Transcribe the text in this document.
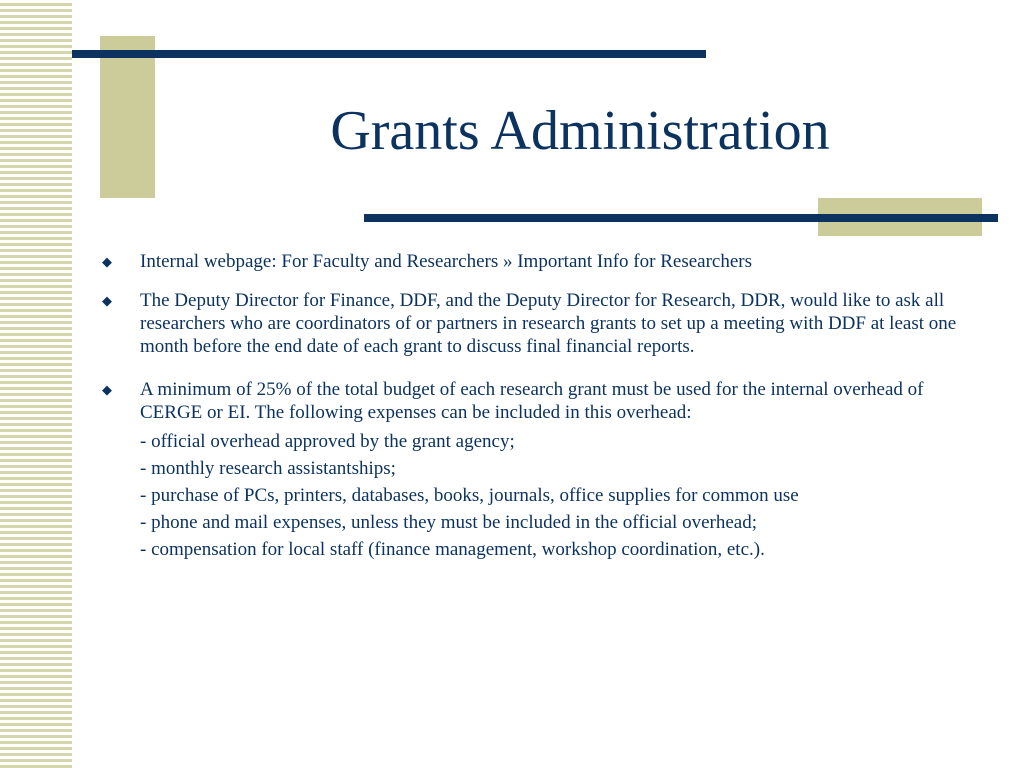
Grants Administration
◆	Internal webpage: For Faculty and Researchers » Important Info for Researchers
◆	The Deputy Director for Finance, DDF, and the Deputy Director for Research, DDR, would like to ask all researchers who are coordinators of or partners in research grants to set up a meeting with DDF at least one month before the end date of each grant to discuss final financial reports.
◆	A minimum of 25% of the total budget of each research grant must be used for the internal overhead of CERGE or EI. The following expenses can be included in this overhead:
- official overhead approved by the grant agency;
- monthly research assistantships;
- purchase of PCs, printers, databases, books, journals, office supplies for common use
- phone and mail expenses, unless they must be included in the official overhead;
- compensation for local staff (finance management, workshop coordination, etc.).
